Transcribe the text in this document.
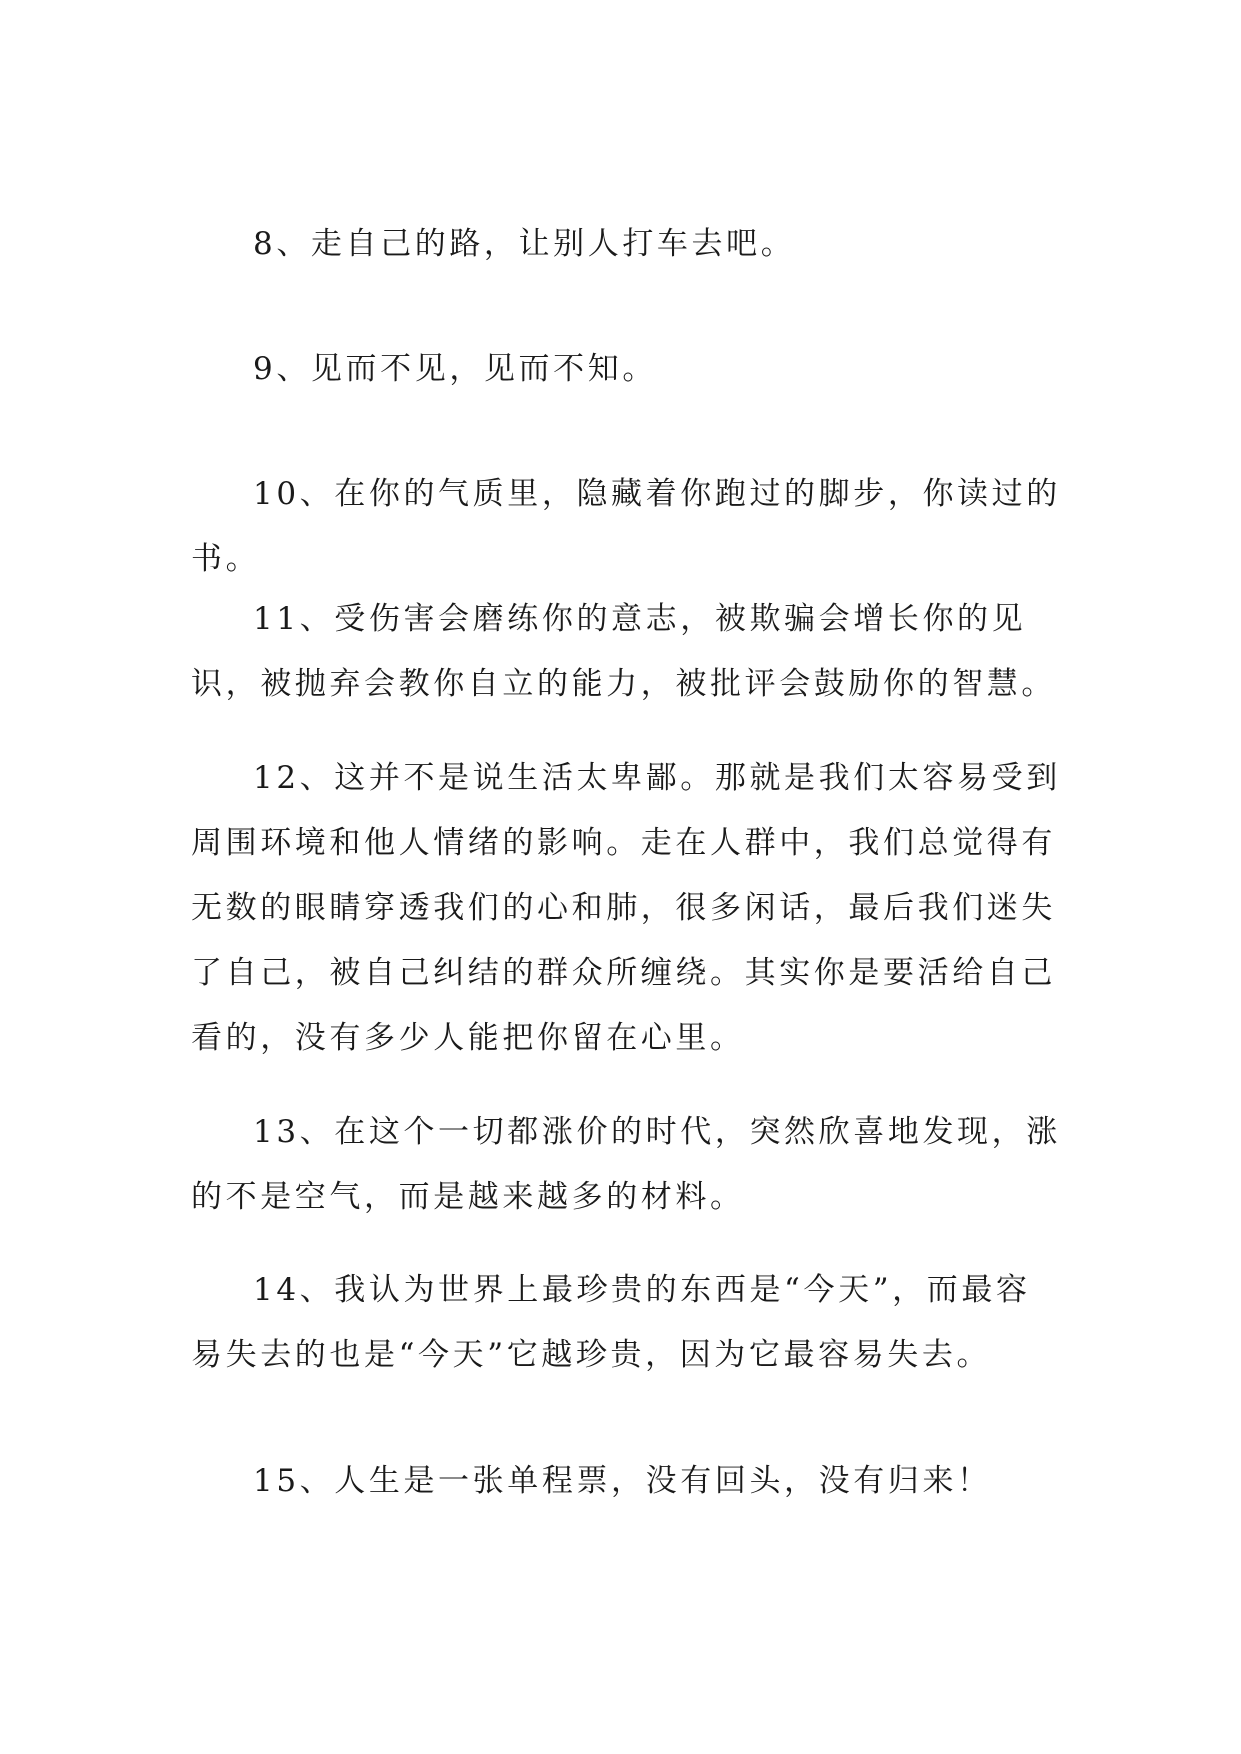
8、走自己的路，让别人打车去吧。

9、见而不见，见而不知。

10、在你的气质里，隐藏着你跑过的脚步，你读过的书。

11、受伤害会磨练你的意志，被欺骗会增长你的见识，被抛弃会教你自立的能力，被批评会鼓励你的智慧。

12、这并不是说生活太卑鄙。那就是我们太容易受到周围环境和他人情绪的影响。走在人群中，我们总觉得有无数的眼睛穿透我们的心和肺，很多闲话，最后我们迷失了自己，被自己纠结的群众所缠绕。其实你是要活给自己看的，没有多少人能把你留在心里。

13、在这个一切都涨价的时代，突然欣喜地发现，涨的不是空气，而是越来越多的材料。

14、我认为世界上最珍贵的东西是“今天”，而最容易失去的也是“今天”它越珍贵，因为它最容易失去。

15、人生是一张单程票，没有回头，没有归来！
